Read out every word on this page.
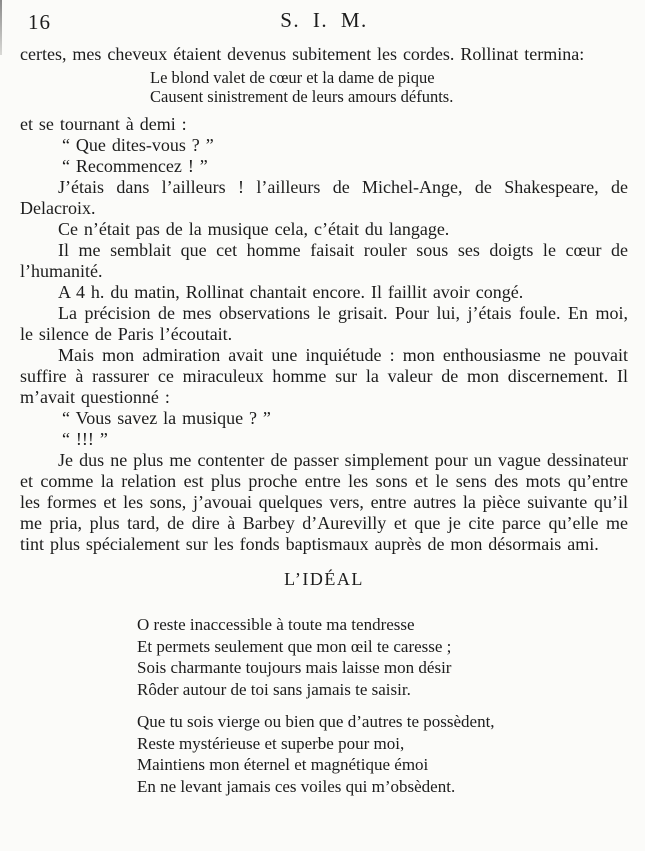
16	S. I. M.

certes, mes cheveux étaient devenus subitement les cordes. Rollinat termina:

Le blond valet de cœur et la dame de pique
Causent sinistrement de leurs amours défunts.

et se tournant à demi :

“ Que dites-vous ? ”

“ Recommencez ! ”

J’étais dans l’ailleurs ! l’ailleurs de Michel-Ange, de Shakespeare, de Delacroix.

Ce n’était pas de la musique cela, c’était du langage.

Il me semblait que cet homme faisait rouler sous ses doigts le cœur de l’humanité.

A 4 h. du matin, Rollinat chantait encore. Il faillit avoir congé.

La précision de mes observations le grisait. Pour lui, j’étais foule. En moi, le silence de Paris l’écoutait.

Mais mon admiration avait une inquiétude : mon enthousiasme ne pouvait suffire à rassurer ce miraculeux homme sur la valeur de mon discernement. Il m’avait questionné :

“ Vous savez la musique ? ”

“ !!! ”

Je dus ne plus me contenter de passer simplement pour un vague dessinateur et comme la relation est plus proche entre les sons et le sens des mots qu’entre les formes et les sons, j’avouai quelques vers, entre autres la pièce suivante qu’il me pria, plus tard, de dire à Barbey d’Aurevilly et que je cite parce qu’elle me tint plus spécialement sur les fonds baptismaux auprès de mon désormais ami.

L’IDÉAL
O reste inaccessible à toute ma tendresse
Et permets seulement que mon œil te caresse ;
Sois charmante toujours mais laisse mon désir
Rôder autour de toi sans jamais te saisir.
Que tu sois vierge ou bien que d’autres te possèdent,
Reste mystérieuse et superbe pour moi,
Maintiens mon éternel et magnétique émoi
En ne levant jamais ces voiles qui m’obsèdent.
